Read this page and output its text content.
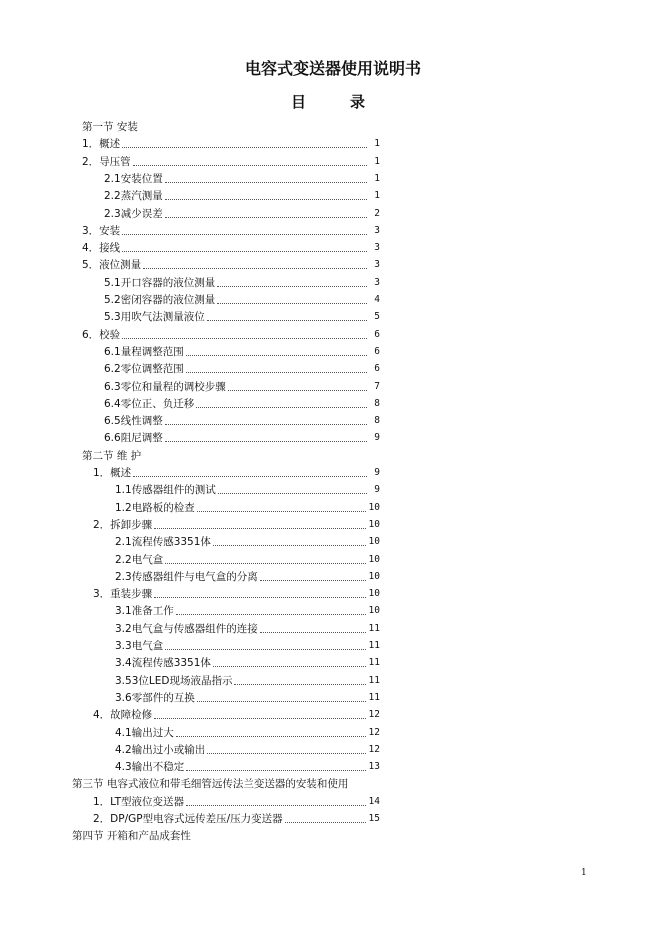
电容式变送器使用说明书
目	录
第一节 安装
1．概述	1
2．导压管	1
2.1安装位置	1
2.2蒸汽测量	1
2.3减少误差	2
3．安装	3
4．接线	3
5．液位测量	3
5.1开口容器的液位测量	3
5.2密闭容器的液位测量	4
5.3用吹气法测量液位	5
6．校验	6
6.1量程调整范围	6
6.2零位调整范围	6
6.3零位和量程的调校步骤	7
6.4零位正、负迁移	8
6.5线性调整	8
6.6阻尼调整	9
第二节 维 护
1．概述	9
1.1传感器组件的测试	9
1.2电路板的检查	10
2．拆卸步骤	10
2.1流程传感3351体	10
2.2电气盒	10
2.3传感器组件与电气盒的分离	10
3．重装步骤	10
3.1准备工作	10
3.2电气盒与传感器组件的连接	11
3.3电气盒	11
3.4流程传感3351体	11
3.53位LED现场液晶指示	11
3.6零部件的互换	11
4．故障检修	12
4.1输出过大	12
4.2输出过小或输出	12
4.3输出不稳定	13
第三节 电容式液位和带毛细管远传法兰变送器的安装和使用
1．LT型液位变送器	14
2．DP/GP型电容式远传差压/压力变送器	15
第四节 开箱和产品成套性
1
